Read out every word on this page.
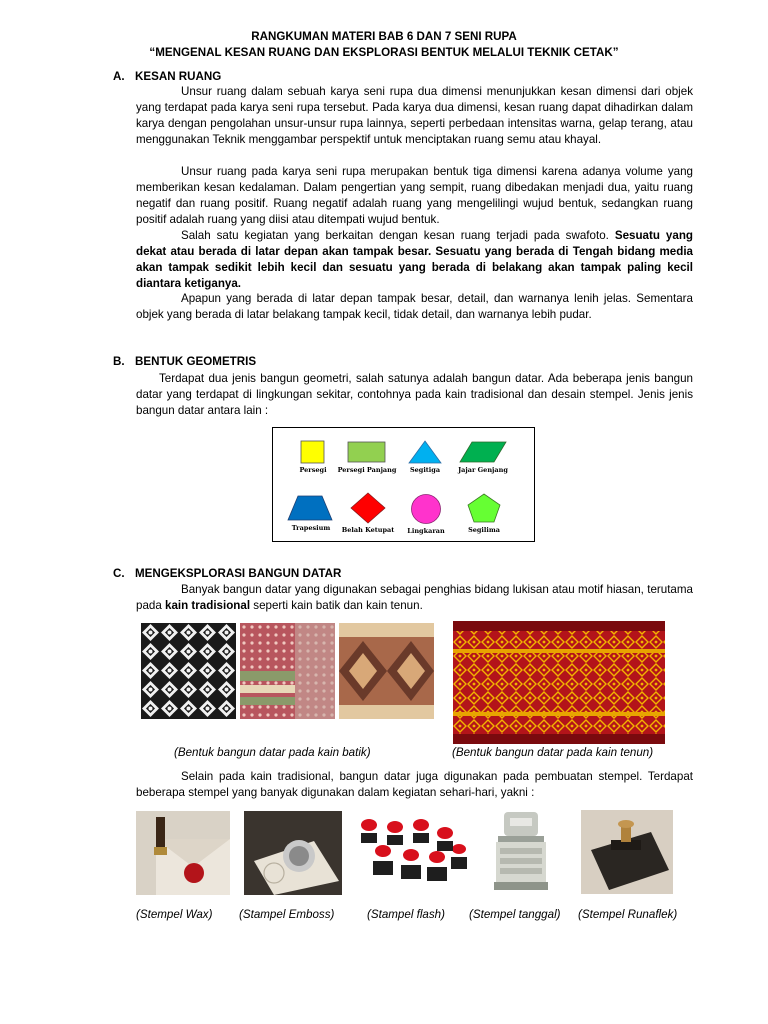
RANGKUMAN MATERI BAB 6 DAN 7 SENI RUPA
“MENGENAL KESAN RUANG DAN EKSPLORASI BENTUK MELALUI TEKNIK CETAK”
A. KESAN RUANG
Unsur ruang dalam sebuah karya seni rupa dua dimensi menunjukkan kesan dimensi dari objek yang terdapat pada karya seni rupa tersebut. Pada karya dua dimensi, kesan ruang dapat dihadirkan dalam karya dengan pengolahan unsur-unsur rupa lainnya, seperti perbedaan intensitas warna, gelap terang, atau menggunakan Teknik menggambar perspektif untuk menciptakan ruang semu atau khayal.
Unsur ruang pada karya seni rupa merupakan bentuk tiga dimensi karena adanya volume yang memberikan kesan kedalaman. Dalam pengertian yang sempit, ruang dibedakan menjadi dua, yaitu ruang negatif dan ruang positif. Ruang negatif adalah ruang yang mengelilingi wujud bentuk, sedangkan ruang positif adalah ruang yang diisi atau ditempati wujud bentuk.
Salah satu kegiatan yang berkaitan dengan kesan ruang terjadi pada swafoto. Sesuatu yang dekat atau berada di latar depan akan tampak besar. Sesuatu yang berada di Tengah bidang media akan tampak sedikit lebih kecil dan sesuatu yang berada di belakang akan tampak paling kecil diantara ketiganya.
Apapun yang berada di latar depan tampak besar, detail, dan warnanya lenih jelas. Sementara objek yang berada di latar belakang tampak kecil, tidak detail, dan warnanya lebih pudar.
B. BENTUK GEOMETRIS
Terdapat dua jenis bangun geometri, salah satunya adalah bangun datar. Ada beberapa jenis bangun datar yang terdapat di lingkungan sekitar, contohnya pada kain tradisional dan desain stempel. Jenis jenis bangun datar antara lain :
Persegi	Persegi Panjang	Segitiga	Jajar Genjang
Trapesium	Belah Ketupat	Lingkaran	Segilima
C. MENGEKSPLORASI BANGUN DATAR
Banyak bangun datar yang digunakan sebagai penghias bidang lukisan atau motif hiasan, terutama pada kain tradisional seperti kain batik dan kain tenun.
(Bentuk bangun datar pada kain batik)	(Bentuk bangun datar pada kain tenun)
Selain pada kain tradisional, bangun datar juga digunakan pada pembuatan stempel. Terdapat beberapa stempel yang banyak digunakan dalam kegiatan sehari-hari, yakni :
(Stempel Wax) (Stampel Emboss)	(Stampel flash) (Stempel tanggal) (Stempel Runaflek)
